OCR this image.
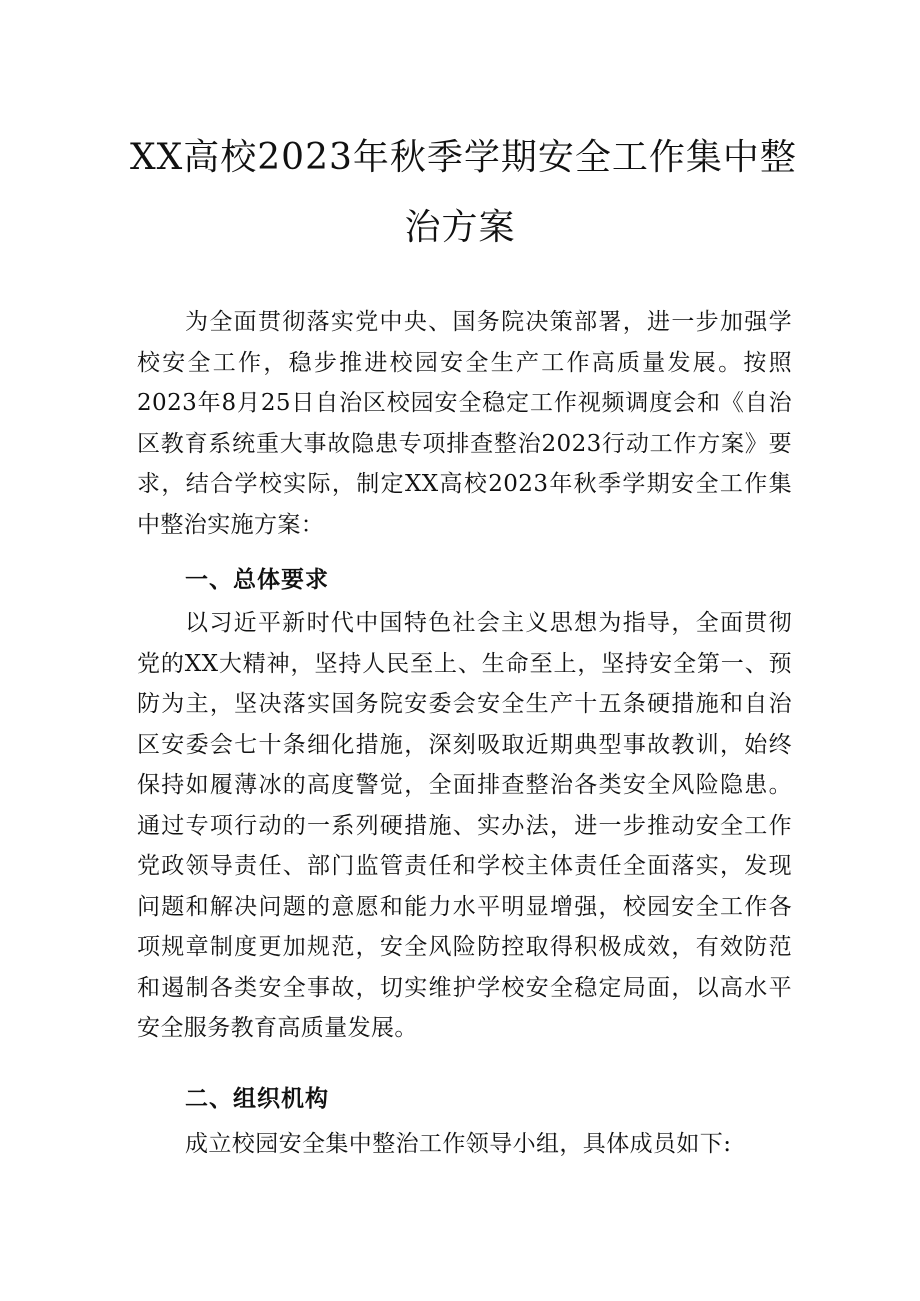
XX高校2023年秋季学期安全工作集中整
治方案
为全面贯彻落实党中央、国务院决策部署，进一步加强学校安全工作，稳步推进校园安全生产工作高质量发展。按照2023年8月25日自治区校园安全稳定工作视频调度会和《自治区教育系统重大事故隐患专项排查整治2023行动工作方案》要求，结合学校实际，制定XX高校2023年秋季学期安全工作集中整治实施方案：
一、总体要求
以习近平新时代中国特色社会主义思想为指导，全面贯彻党的XX大精神，坚持人民至上、生命至上，坚持安全第一、预防为主，坚决落实国务院安委会安全生产十五条硬措施和自治区安委会七十条细化措施，深刻吸取近期典型事故教训，始终保持如履薄冰的高度警觉，全面排查整治各类安全风险隐患。通过专项行动的一系列硬措施、实办法，进一步推动安全工作党政领导责任、部门监管责任和学校主体责任全面落实，发现问题和解决问题的意愿和能力水平明显增强，校园安全工作各项规章制度更加规范，安全风险防控取得积极成效，有效防范和遏制各类安全事故，切实维护学校安全稳定局面，以高水平安全服务教育高质量发展。
二、组织机构
成立校园安全集中整治工作领导小组，具体成员如下:
